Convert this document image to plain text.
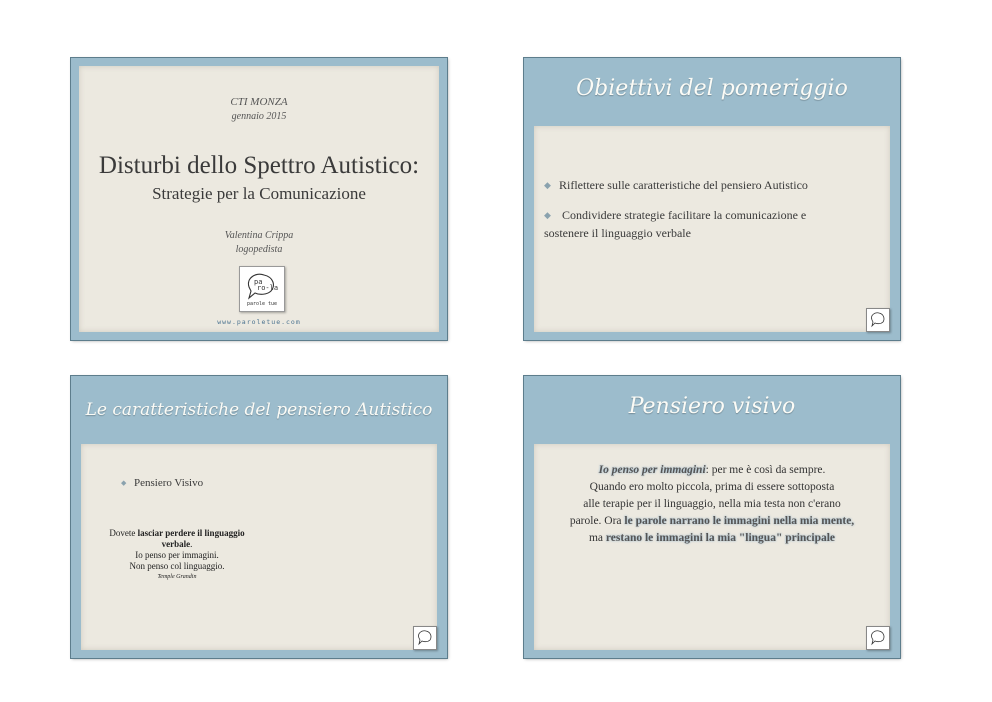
CTI MONZA
gennaio 2015
Disturbi dello Spettro Autistico:
Strategie per la Comunicazione
Valentina Crippa
logopedista
pa
ro-la
parole tue
www.paroletue.com
Obiettivi del pomeriggio
◆ Riflettere sulle caratteristiche del pensiero Autistico
◆ Condividere strategie facilitare la comunicazione e
sostenere il linguaggio verbale
Le caratteristiche del pensiero Autistico
◆ Pensiero Visivo
Dovete lasciar perdere il linguaggio
verbale.
Io penso per immagini.
Non penso col linguaggio.
Temple Grandin
Pensiero visivo
Io penso per immagini: per me è così da sempre.
Quando ero molto piccola, prima di essere sottoposta
alle terapie per il linguaggio, nella mia testa non c'erano
parole. Ora le parole narrano le immagini nella mia mente,
ma restano le immagini la mia "lingua" principale
